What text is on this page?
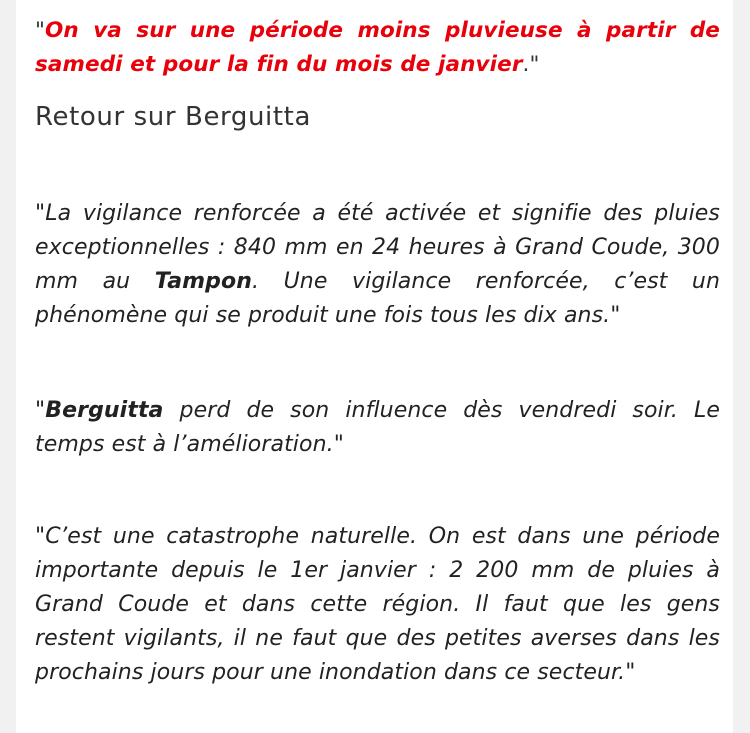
"On va sur une période moins pluvieuse à partir de samedi et pour la fin du mois de janvier."

Retour sur Berguitta

"La vigilance renforcée a été activée et signifie des pluies exceptionnelles : 840 mm en 24 heures à Grand Coude, 300 mm au Tampon. Une vigilance renforcée, c’est un phénomène qui se produit une fois tous les dix ans."

"Berguitta perd de son influence dès vendredi soir. Le temps est à l’amélioration."

"C’est une catastrophe naturelle. On est dans une période importante depuis le 1er janvier : 2 200 mm de pluies à Grand Coude et dans cette région. Il faut que les gens restent vigilants, il ne faut que des petites averses dans les prochains jours pour une inondation dans ce secteur."
